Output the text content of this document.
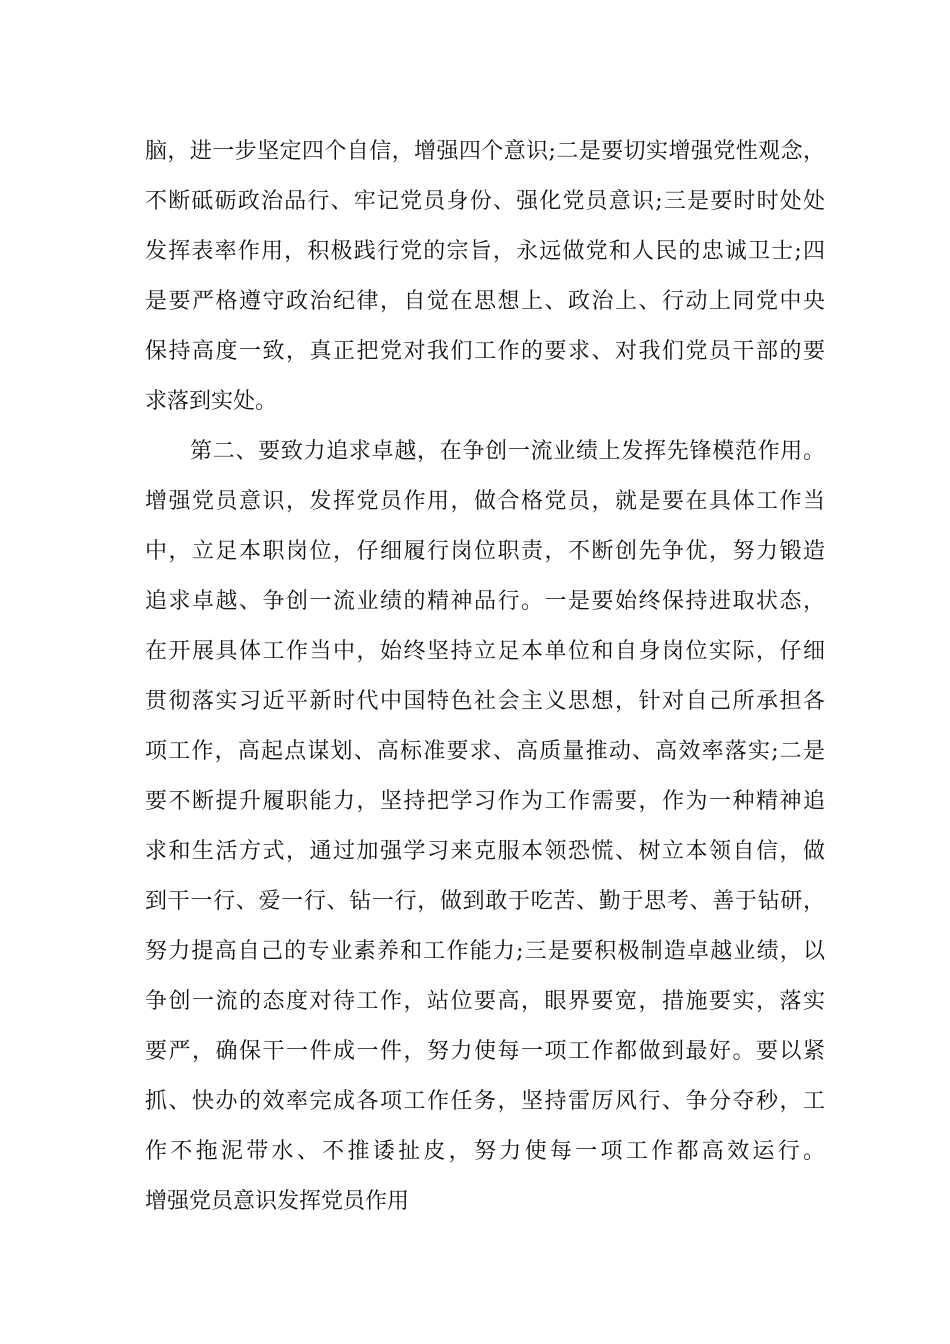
脑，进一步坚定四个自信，增强四个意识;二是要切实增强党性观念，
不断砥砺政治品行、牢记党员身份、强化党员意识;三是要时时处处
发挥表率作用，积极践行党的宗旨，永远做党和人民的忠诚卫士;四
是要严格遵守政治纪律，自觉在思想上、政治上、行动上同党中央
保持高度一致，真正把党对我们工作的要求、对我们党员干部的要
求落到实处。
第二、要致力追求卓越，在争创一流业绩上发挥先锋模范作用。
增强党员意识，发挥党员作用，做合格党员，就是要在具体工作当
中，立足本职岗位，仔细履行岗位职责，不断创先争优，努力锻造
追求卓越、争创一流业绩的精神品行。一是要始终保持进取状态，
在开展具体工作当中，始终坚持立足本单位和自身岗位实际，仔细
贯彻落实习近平新时代中国特色社会主义思想，针对自己所承担各
项工作，高起点谋划、高标准要求、高质量推动、高效率落实;二是
要不断提升履职能力，坚持把学习作为工作需要，作为一种精神追
求和生活方式，通过加强学习来克服本领恐慌、树立本领自信，做
到干一行、爱一行、钻一行，做到敢于吃苦、勤于思考、善于钻研，
努力提高自己的专业素养和工作能力;三是要积极制造卓越业绩，以
争创一流的态度对待工作，站位要高，眼界要宽，措施要实，落实
要严，确保干一件成一件，努力使每一项工作都做到最好。要以紧
抓、快办的效率完成各项工作任务，坚持雷厉风行、争分夺秒，工
作不拖泥带水、不推诿扯皮，努力使每一项工作都高效运行。
增强党员意识发挥党员作用
